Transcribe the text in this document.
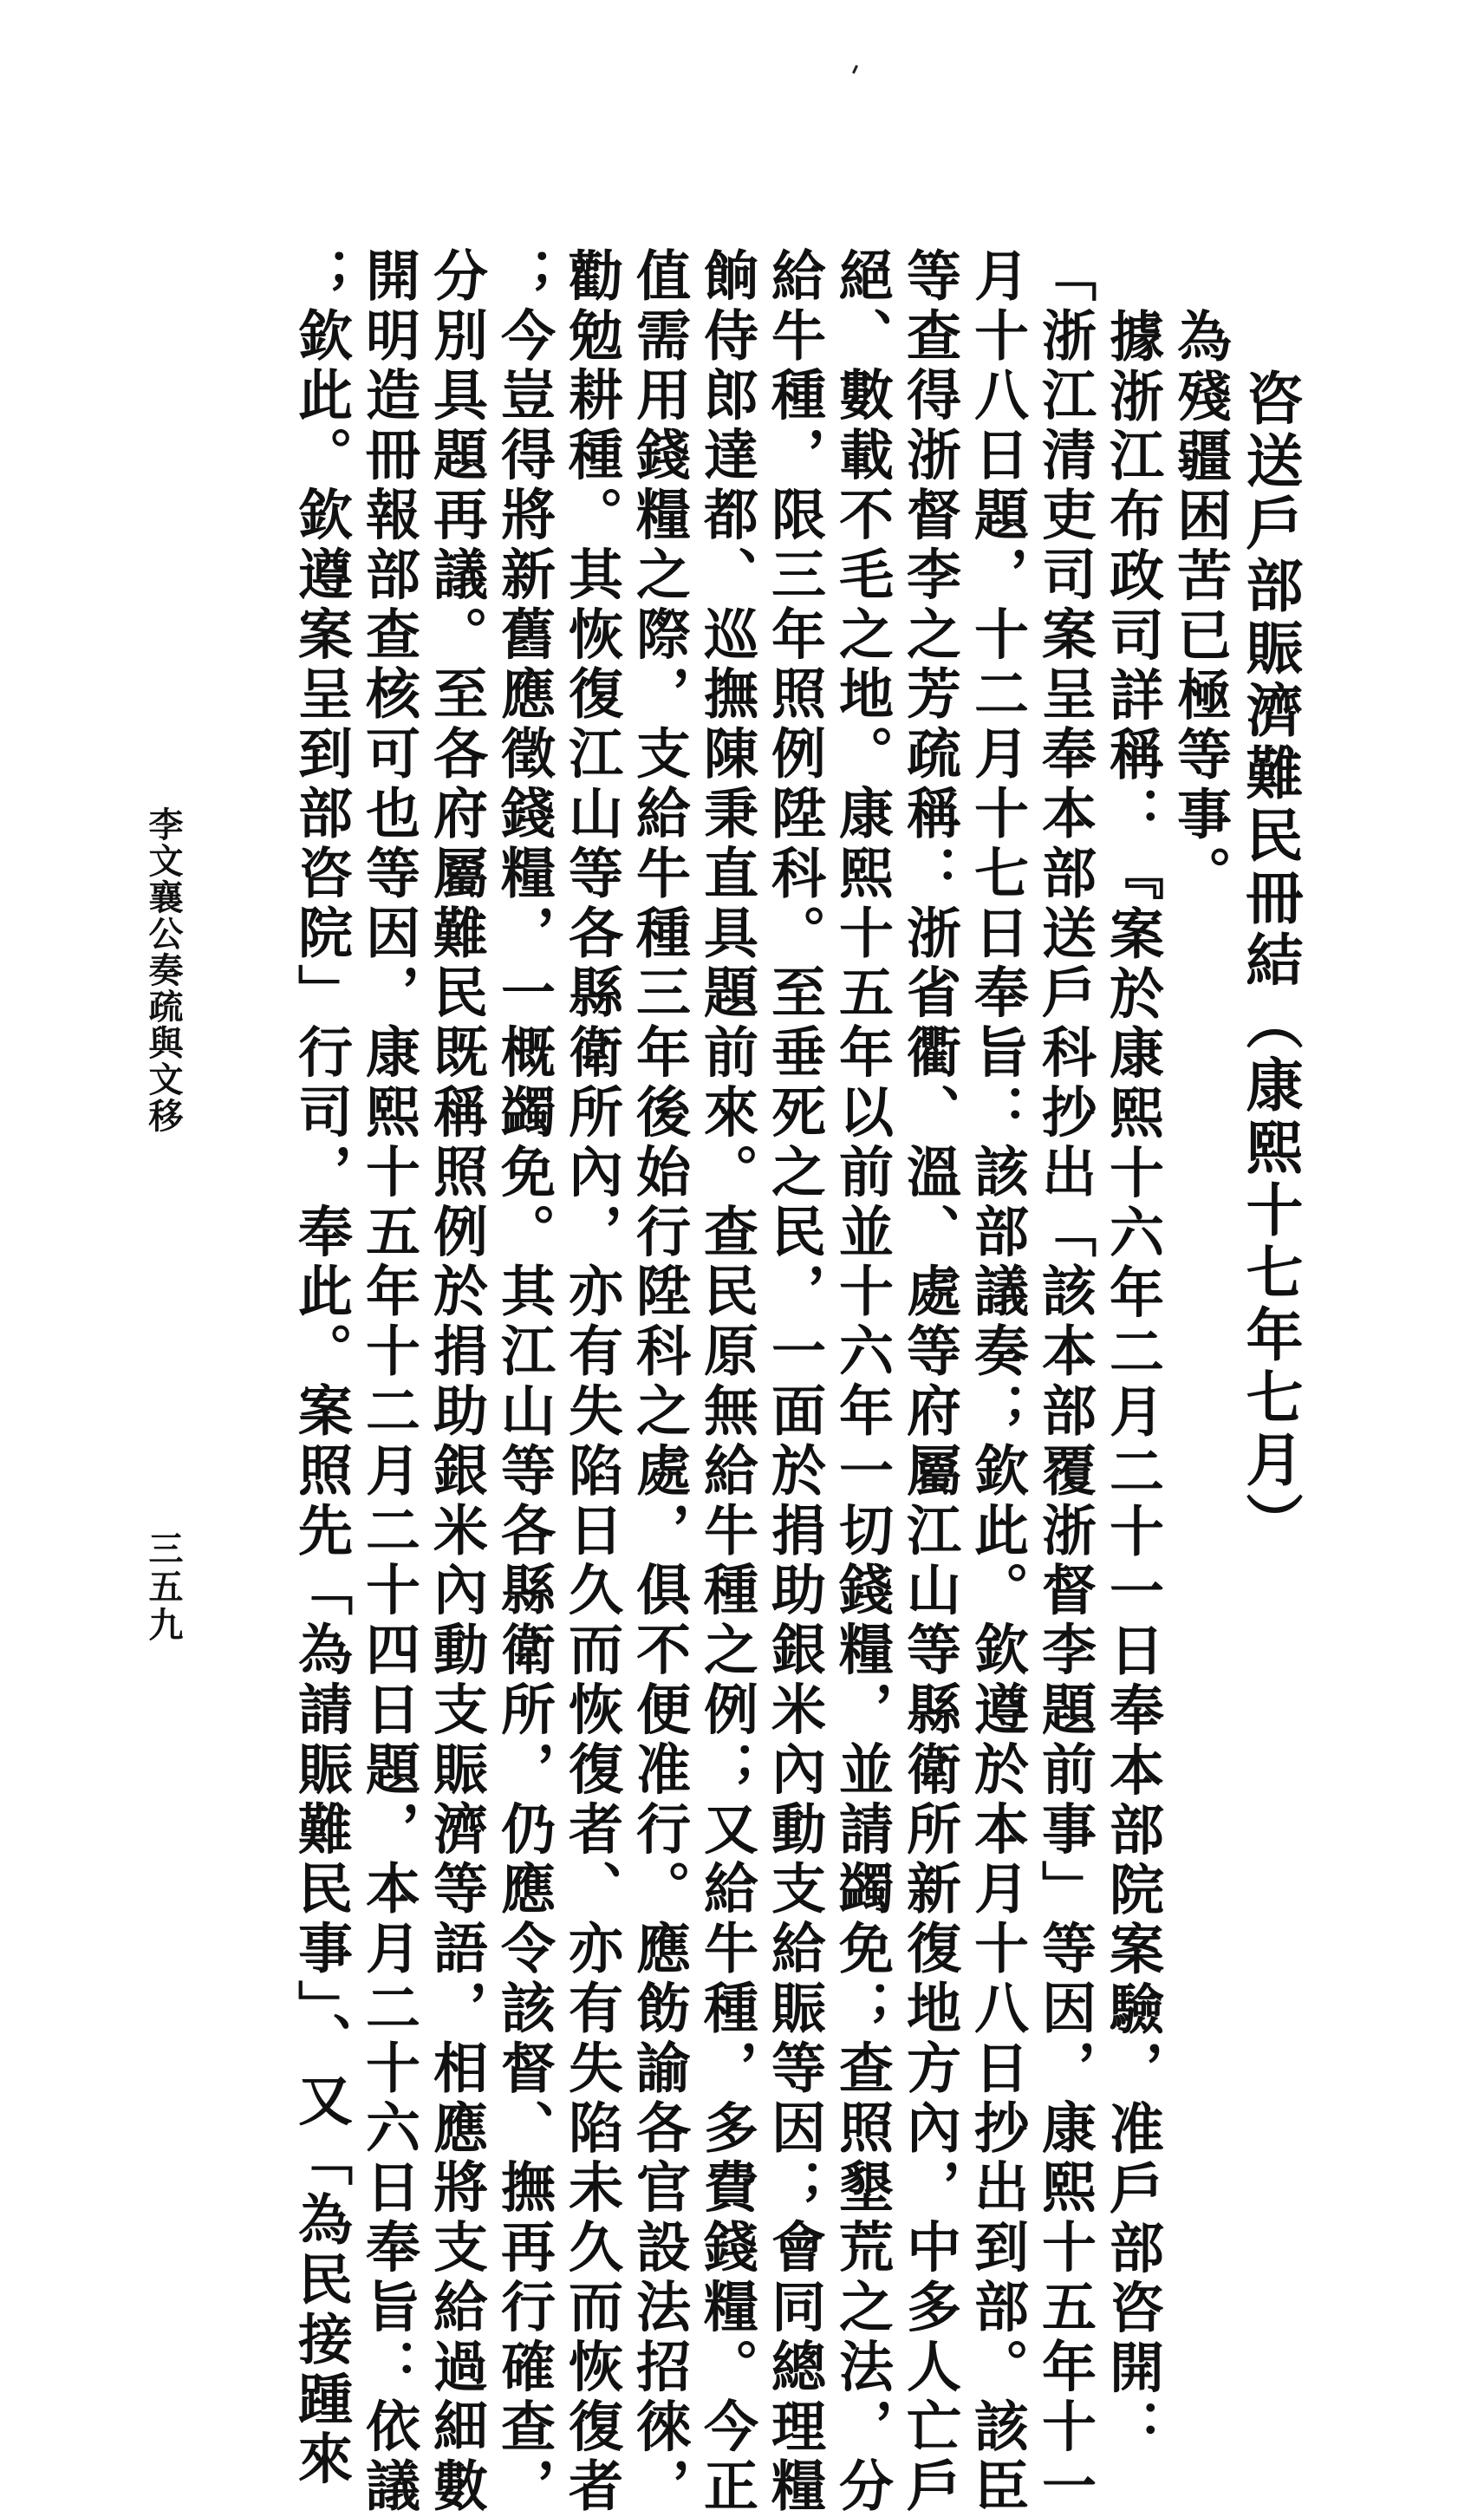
咨送戶部賑濟難民冊結（康熙十七年七月）
為殘疆困苦已極等事。
據浙江布政司詳稱：『案於康熙十六年二月二十一日奉本部院案驗，准戶部咨開：
「浙江清吏司案呈奉本部送戶科抄出「該本部覆浙督李題前事」等因，康熙十五年十一
月十八日題，十二月十七日奉旨：該部議奏；欽此。欽遵於本月十八日抄出到部。該臣
等查得浙督李之芳疏稱：浙省衢、溫、處等府屬江山等縣衛所新復地方內，中多人亡戶
絕、數載不毛之地。康熙十五年以前並十六年一切錢糧，並請蠲免；查照墾荒之法，分
給牛種，限三年照例陞科。至垂死之民，一面於捐助銀米內動支給賑等因；會同總理糧
餉侍郎達都、巡撫陳秉直具題前來。查民原無給牛種之例；又給牛種，多費錢糧。今正
值需用錢糧之際，支給牛種三年後始行陞科之處，俱不便准行。應飭諭各官設法招徠，
勸勉耕種。其恢復江山等各縣衛所內，亦有失陷日久而恢復者、亦有失陷未久而恢復者
；今豈得將新舊應徵錢糧，一概蠲免。其江山等各縣衛所，仍應令該督、撫再行確查，
分別具題再議。至各府屬難民既稱照例於捐助銀米內動支賑濟等語，相應將支給過細數
開明造冊報部查核可也等因，康熙十五年十二月二十四日題，本月二十六日奉旨：依議
；欽此。欽遵案呈到部咨院」行司，奉此。案照先「為請賑難民事」、又「為民接踵來
李文襄公奏疏與文移
三五九
